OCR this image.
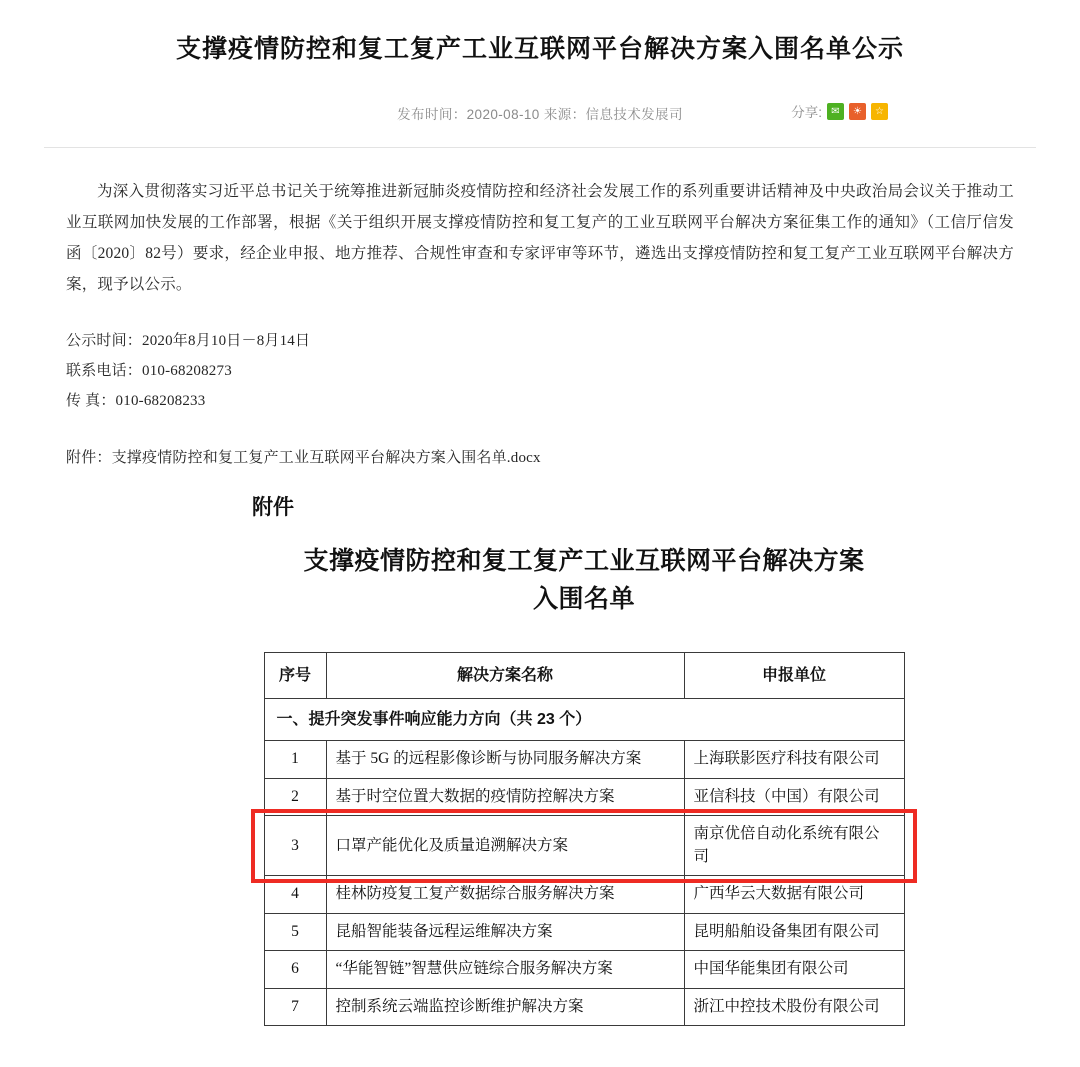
支撑疫情防控和复工复产工业互联网平台解决方案入围名单公示
发布时间：2020-08-10 来源：信息技术发展司	分享: ✉	☀	☆

为深入贯彻落实习近平总书记关于统筹推进新冠肺炎疫情防控和经济社会发展工作的系列重要讲话精神及中央政治局会议关于推动工业互联网加快发展的工作部署，根据《关于组织开展支撑疫情防控和复工复产的工业互联网平台解决方案征集工作的通知》（工信厅信发函〔2020〕82号）要求，经企业申报、地方推荐、合规性审查和专家评审等环节，遴选出支撑疫情防控和复工复产工业互联网平台解决方案，现予以公示。

公示时间：2020年8月10日－8月14日

联系电话：010-68208273

传 真：010-68208233

附件：支撑疫情防控和复工复产工业互联网平台解决方案入围名单.docx

附件
支撑疫情防控和复工复产工业互联网平台解决方案
入围名单
序号	解决方案名称	申报单位
一、提升突发事件响应能力方向（共 23 个）		
1	基于 5G 的远程影像诊断与协同服务解决方案	上海联影医疗科技有限公司
2	基于时空位置大数据的疫情防控解决方案	亚信科技（中国）有限公司
3	口罩产能优化及质量追溯解决方案	南京优倍自动化系统有限公司
4	桂林防疫复工复产数据综合服务解决方案	广西华云大数据有限公司
5	昆船智能装备远程运维解决方案	昆明船舶设备集团有限公司
6	“华能智链”智慧供应链综合服务解决方案	中国华能集团有限公司
7	控制系统云端监控诊断维护解决方案	浙江中控技术股份有限公司
